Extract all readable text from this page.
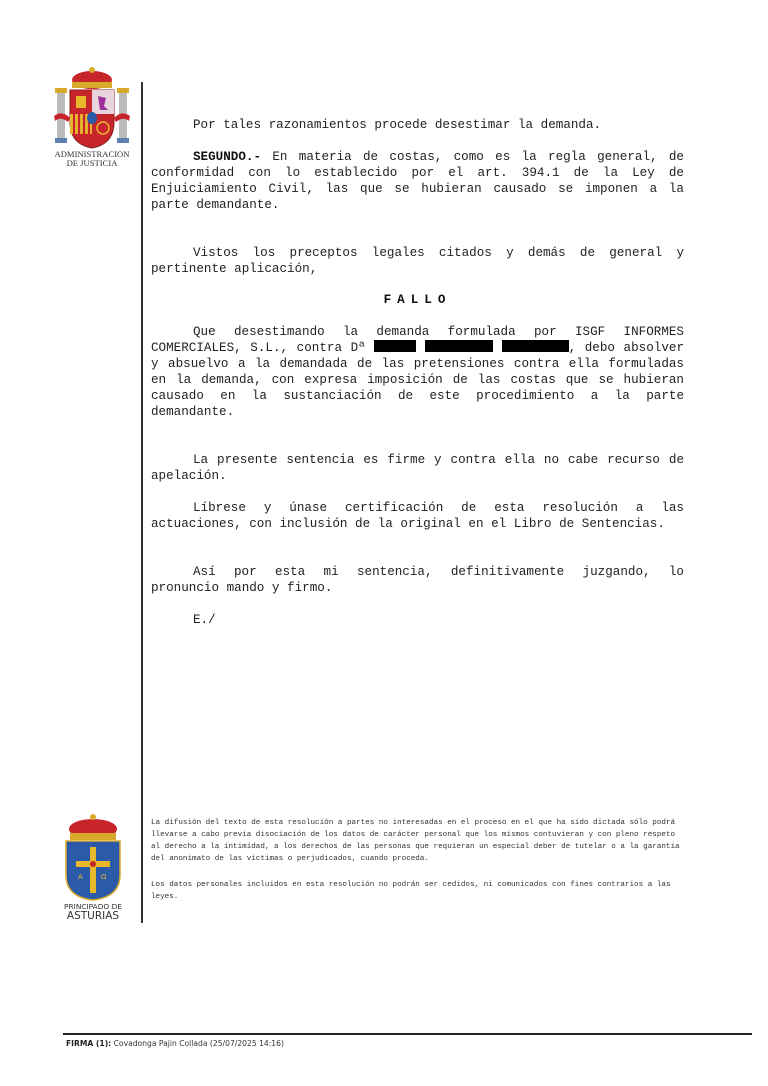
ADMINISTRACION
DE JUSTICIA
Por tales razonamientos procede desestimar la demanda.
SEGUNDO.- En materia de costas, como es la regla general, de conformidad con lo establecido por el art. 394.1 de la Ley de Enjuiciamiento Civil, las que se hubieran causado se imponen a la parte demandante.
Vistos los preceptos legales citados y demás de general y pertinente aplicación,
FALLO
Que desestimando la demanda formulada por ISGF INFORMES COMERCIALES, S.L., contra Dª	, debo absolver y absuelvo a la demandada de las pretensiones contra ella formuladas en la demanda, con expresa imposición de las costas que se hubieran causado en la sustanciación de este procedimiento a la parte demandante.
La presente sentencia es firme y contra ella no cabe recurso de apelación.
Líbrese y únase certificación de esta resolución a las actuaciones, con inclusión de la original en el Libro de Sentencias.
Así por esta mi sentencia, definitivamente juzgando, lo pronuncio mando y firmo.
E./
A	Ω
PRINCIPADO DE
ASTURIAS
La difusión del texto de esta resolución a partes no interesadas en el proceso en el que ha sido dictada sólo podrá llevarse a cabo previa disociación de los datos de carácter personal que los mismos contuvieran y con pleno respeto al derecho a la intimidad, a los derechos de las personas que requieran un especial deber de tutelar o a la garantía del anonimato de las victimas o perjudicados, cuando proceda.
Los datos personales incluidos en esta resolución no podrán ser cedidos, ni comunicados con fines contrarios a las leyes.
FIRMA (1): Covadonga Pajin Collada (25/07/2025 14:16)
